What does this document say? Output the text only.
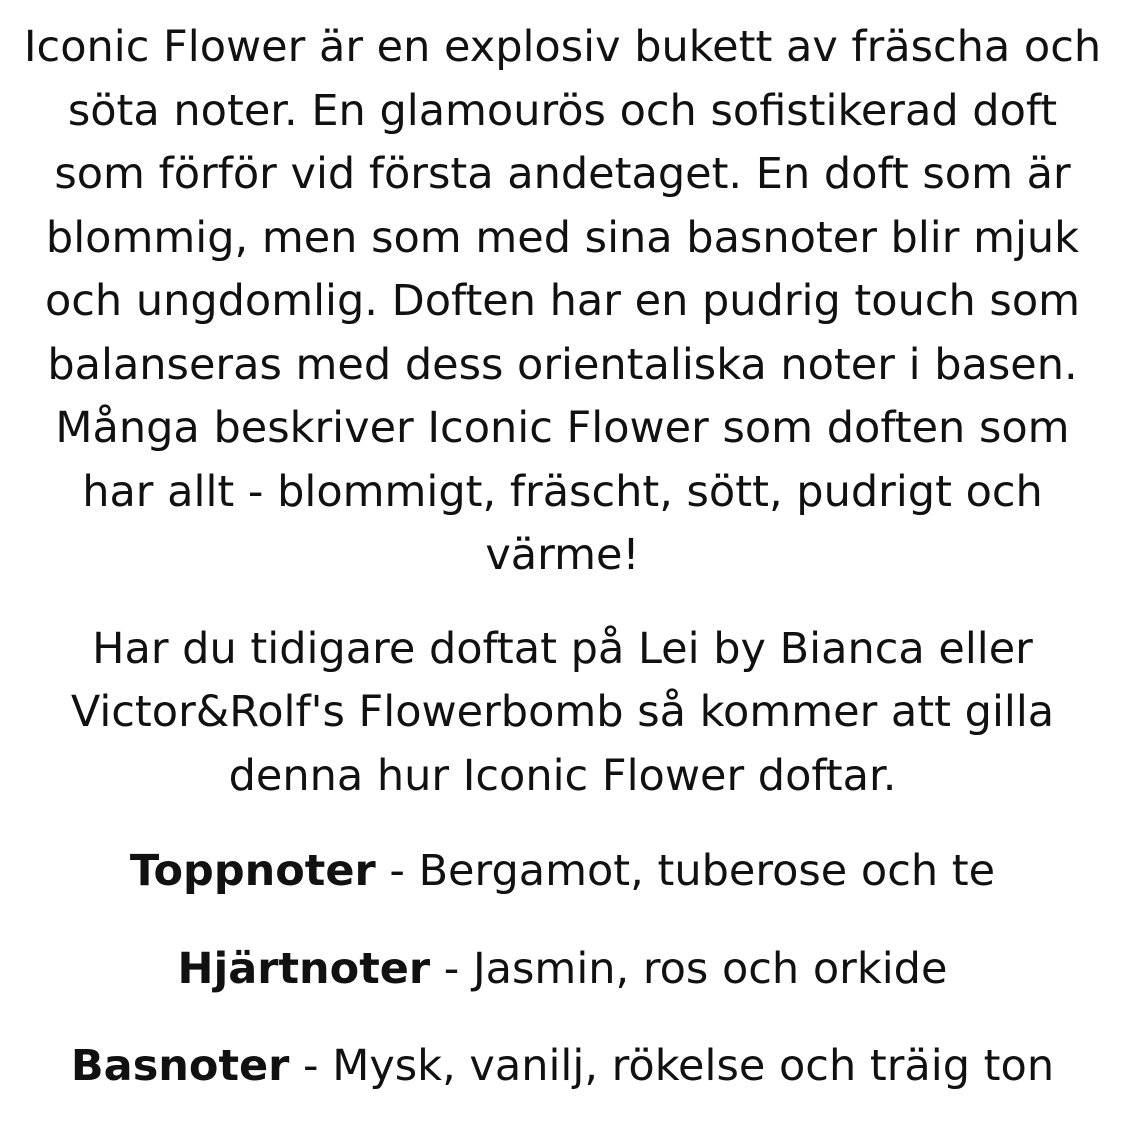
Iconic Flower är en explosiv bukett av fräscha och söta noter. En glamourös och sofistikerad doft som förför vid första andetaget. En doft som är blommig, men som med sina basnoter blir mjuk och ungdomlig. Doften har en pudrig touch som balanseras med dess orientaliska noter i basen. Många beskriver Iconic Flower som doften som har allt - blommigt, fräscht, sött, pudrigt och värme!

Har du tidigare doftat på Lei by Bianca eller Victor&Rolf's Flowerbomb så kommer att gilla denna hur Iconic Flower doftar.

Toppnoter - Bergamot, tuberose och te

Hjärtnoter - Jasmin, ros och orkide

Basnoter - Mysk, vanilj, rökelse och träig ton
